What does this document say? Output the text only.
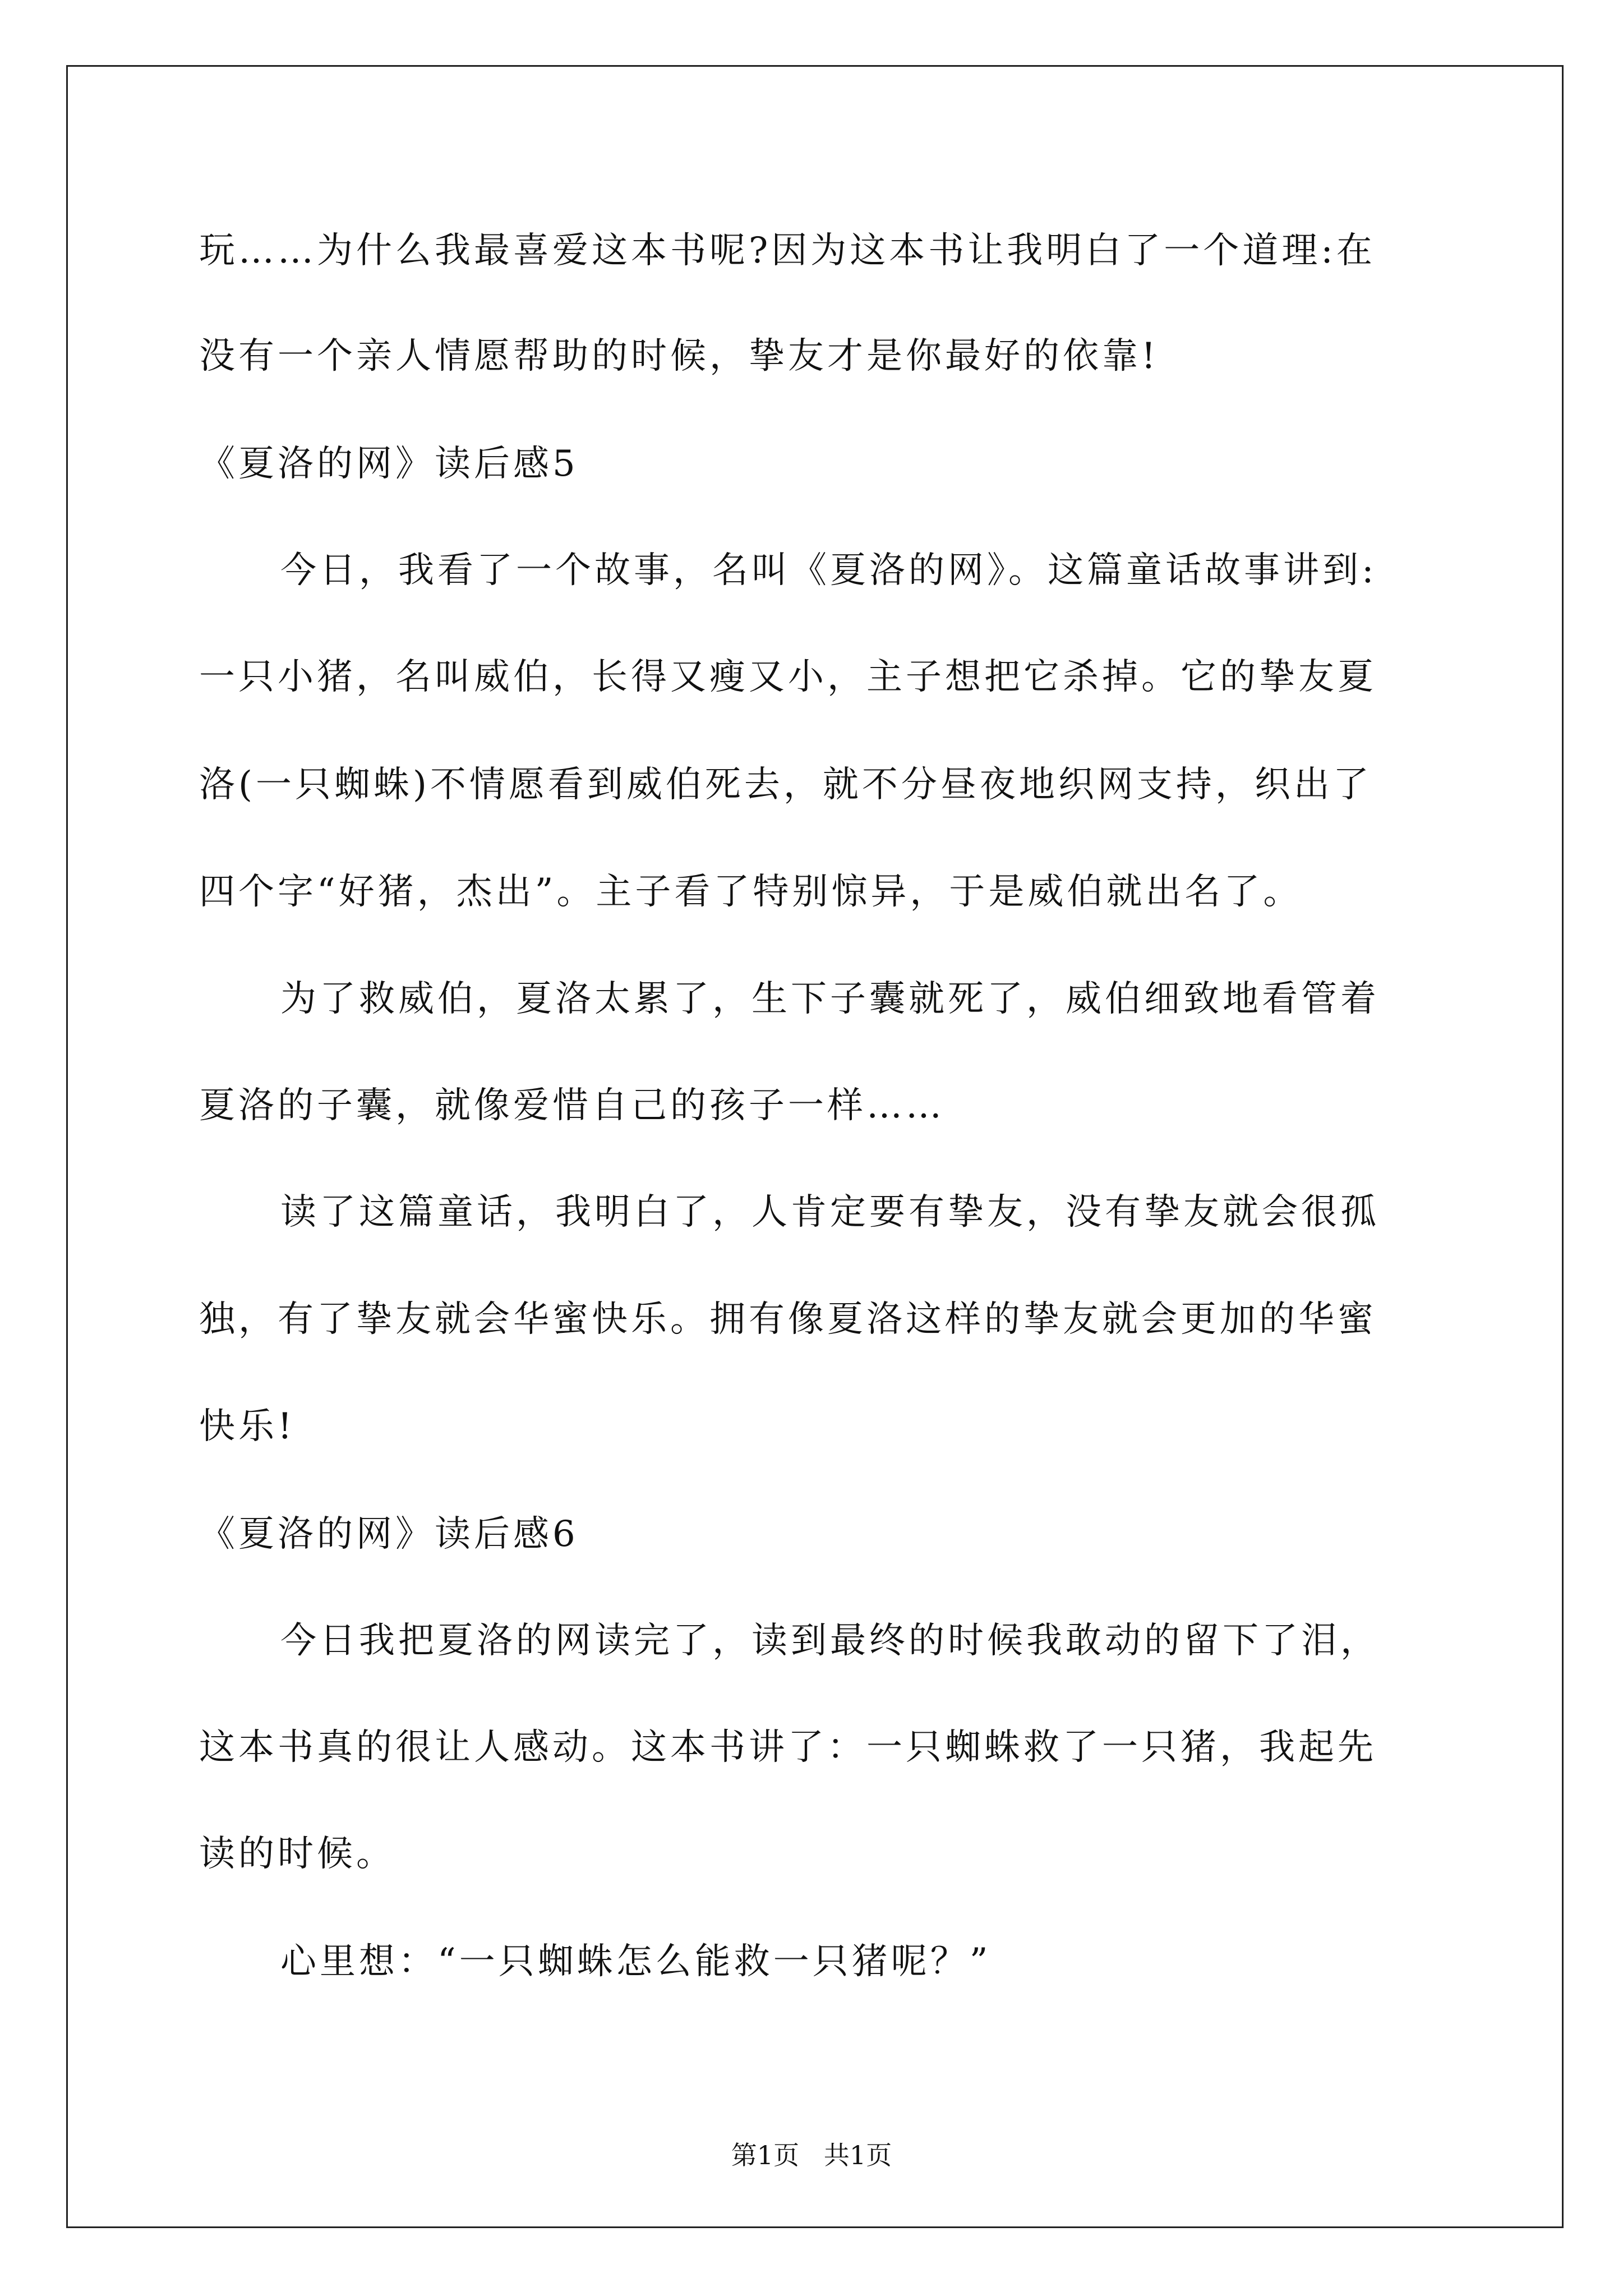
玩……为什么我最喜爱这本书呢?因为这本书让我明白了一个道理:在
没有一个亲人情愿帮助的时候，挚友才是你最好的依靠!
《夏洛的网》读后感5
今日，我看了一个故事，名叫《夏洛的网》。这篇童话故事讲到:
一只小猪，名叫威伯，长得又瘦又小，主子想把它杀掉。它的挚友夏
洛(一只蜘蛛)不情愿看到威伯死去，就不分昼夜地织网支持，织出了
四个字“好猪，杰出”。主子看了特别惊异，于是威伯就出名了。
为了救威伯，夏洛太累了，生下子囊就死了，威伯细致地看管着
夏洛的子囊，就像爱惜自己的孩子一样……
读了这篇童话，我明白了，人肯定要有挚友，没有挚友就会很孤
独，有了挚友就会华蜜快乐。拥有像夏洛这样的挚友就会更加的华蜜
快乐!
《夏洛的网》读后感6
今日我把夏洛的网读完了，读到最终的时候我敢动的留下了泪，
这本书真的很让人感动。这本书讲了：一只蜘蛛救了一只猪，我起先
读的时候。
心里想：“一只蜘蛛怎么能救一只猪呢？”
第1页   共1页
